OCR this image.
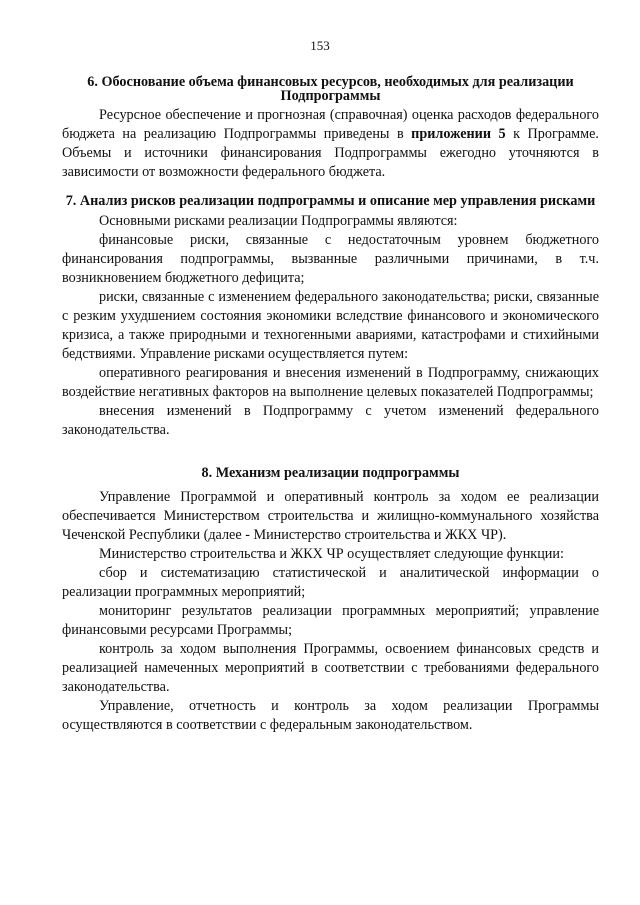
153

6. Обоснование объема финансовых ресурсов, необходимых для реализации Подпрограммы

Ресурсное обеспечение и прогнозная (справочная) оценка расходов федерального бюджета на реализацию Подпрограммы приведены в приложении 5 к Программе. Объемы и источники финансирования Подпрограммы ежегодно уточняются в зависимости от возможности федерального бюджета.

7. Анализ рисков реализации подпрограммы и описание мер управления рисками

Основными рисками реализации Подпрограммы являются:

финансовые риски, связанные с недостаточным уровнем бюджетного финансирования подпрограммы, вызванные различными причинами, в т.ч. возникновением бюджетного дефицита;

риски, связанные с изменением федерального законодательства; риски, связанные с резким ухудшением состояния экономики вследствие финансового и экономического кризиса, а также природными и техногенными авариями, катастрофами и стихийными бедствиями. Управление рисками осуществляется путем:

оперативного реагирования и внесения изменений в Подпрограмму, снижающих воздействие негативных факторов на выполнение целевых показателей Подпрограммы;

внесения изменений в Подпрограмму с учетом изменений федерального законодательства.

8. Механизм реализации подпрограммы

Управление Программой и оперативный контроль за ходом ее реализации обеспечивается Министерством строительства и жилищно-коммунального хозяйства Чеченской Республики (далее - Министерство строительства и ЖКХ ЧР).

Министерство строительства и ЖКХ ЧР осуществляет следующие функции:

сбор и систематизацию статистической и аналитической информации о реализации программных мероприятий;

мониторинг результатов реализации программных мероприятий; управление финансовыми ресурсами Программы;

контроль за ходом выполнения Программы, освоением финансовых средств и реализацией намеченных мероприятий в соответствии с требованиями федерального законодательства.

Управление, отчетность и контроль за ходом реализации Программы осуществляются в соответствии с федеральным законодательством.
